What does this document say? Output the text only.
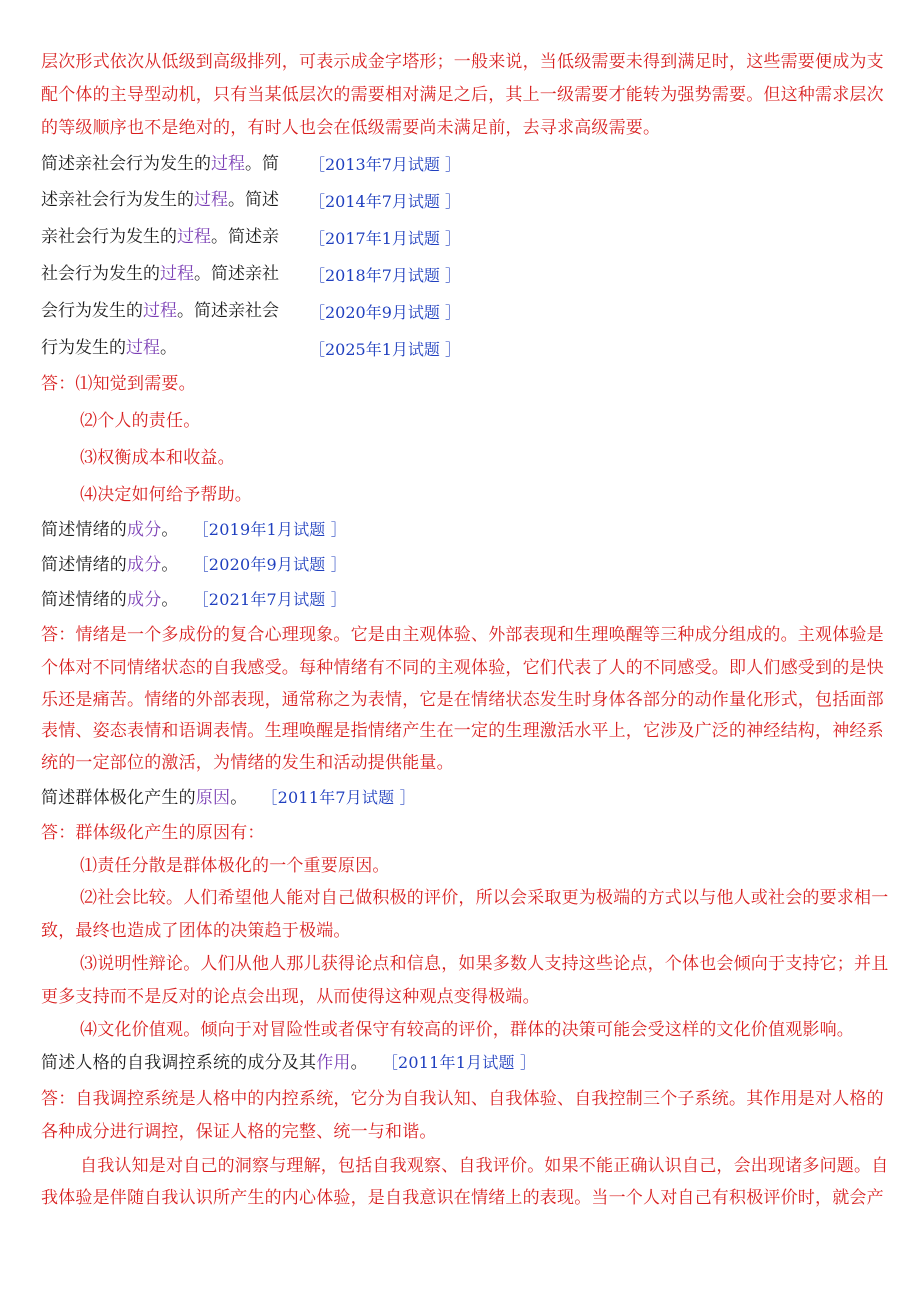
层次形式依次从低级到高级排列，可表示成金字塔形；一般来说，当低级需要未得到满足时，这些需要便成为支
配个体的主导型动机，只有当某低层次的需要相对满足之后，其上一级需要才能转为强势需要。但这种需求层次
的等级顺序也不是绝对的，有时人也会在低级需要尚未满足前，去寻求高级需要。
简述亲社会行为发生的过程。简
述亲社会行为发生的过程。简述
亲社会行为发生的过程。简述亲
社会行为发生的过程。简述亲社
会行为发生的过程。简述亲社会
行为发生的过程。
［2013年7月试题 ］
［2014年7月试题 ］
［2017年1月试题 ］
［2018年7月试题 ］
［2020年9月试题 ］
［2025年1月试题 ］
答：⑴知觉到需要。
⑵个人的责任。
⑶权衡成本和收益。
⑷决定如何给予帮助。
简述情绪的成分。 ［2019年1月试题 ］
简述情绪的成分。 ［2020年9月试题 ］
简述情绪的成分。 ［2021年7月试题 ］
答：情绪是一个多成份的复合心理现象。它是由主观体验、外部表现和生理唤醒等三种成分组成的。主观体验是
个体对不同情绪状态的自我感受。每种情绪有不同的主观体验，它们代表了人的不同感受。即人们感受到的是快
乐还是痛苦。情绪的外部表现，通常称之为表情，它是在情绪状态发生时身体各部分的动作量化形式，包括面部
表情、姿态表情和语调表情。生理唤醒是指情绪产生在一定的生理激活水平上，它涉及广泛的神经结构，神经系
统的一定部位的激活，为情绪的发生和活动提供能量。
简述群体极化产生的原因。 ［2011年7月试题 ］
答：群体级化产生的原因有：
⑴责任分散是群体极化的一个重要原因。
⑵社会比较。人们希望他人能对自己做积极的评价，所以会采取更为极端的方式以与他人或社会的要求相一
致，最终也造成了团体的决策趋于极端。
⑶说明性辩论。人们从他人那儿获得论点和信息，如果多数人支持这些论点，个体也会倾向于支持它；并且
更多支持而不是反对的论点会出现，从而使得这种观点变得极端。
⑷文化价值观。倾向于对冒险性或者保守有较高的评价，群体的决策可能会受这样的文化价值观影响。
简述人格的自我调控系统的成分及其作用。 ［2011年1月试题 ］
答：自我调控系统是人格中的内控系统，它分为自我认知、自我体验、自我控制三个子系统。其作用是对人格的
各种成分进行调控，保证人格的完整、统一与和谐。
自我认知是对自己的洞察与理解，包括自我观察、自我评价。如果不能正确认识自己，会出现诸多问题。自
我体验是伴随自我认识所产生的内心体验，是自我意识在情绪上的表现。当一个人对自己有积极评价时，就会产
